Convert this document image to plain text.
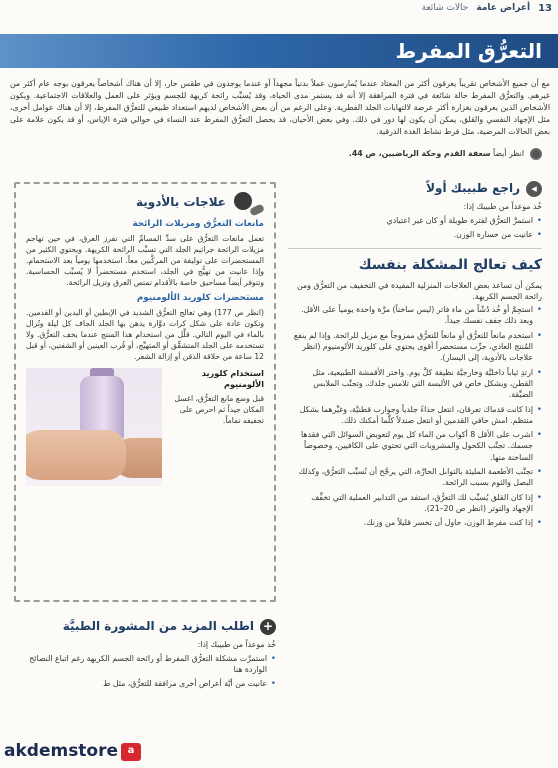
13
أعراض عامة
حالات شائعة
التعرُّق المفرط

مع أن جميع الأشخاص تقريباً يعرقون أكثر من المعتاد عندما يُمارسون عملاً بدنياً مجهداً أو عندما يوجدون في طقس حار، إلا أن هناك أشخاصاً يعرقون بوجه عام أكثر من غيرهم. والتعرُّق المفرط حالة شائعة في فترة المراهقة إلا أنه قد يستمر مدى الحياة، وقد يُسبِّب رائحة كريهة للجسم ويؤثر على العمل والعلاقات الاجتماعية. ويكون الأشخاص الذين يعرقون بغزارة أكثر عرضة لالتهابات الجلد الفطرية. وعلى الرغم من أن بعض الأشخاص لديهم استعداد طبيعي للتعرُّق المفرط، إلا أن هناك عوامل أخرى، مثل الإجهاد النفسي والقلق، يمكن أن يكون لها دور في ذلك. وفي بعض الأحيان، قد يحصل التعرُّق المفرط عند النساء في حوالي فترة الإياس، أو قد يكون علامة على بعض الحالات المرضية، مثل فرط نشاط الغدة الدرقية.

انظر أيضاً سعفة القدم وحكة الرياضيين، ص 44.
◂
راجع طبيبك أولاً

خُذ موعداً من طبيبك إذا:

• استمرَّ التعرُّق لفترة طويلة أو كان غير اعتيادي
• عانيت من خسارة الوزن.
كيف تعالج المشكلة بنفسك

يمكن أن تساعد بعض العلاجات المنزلية المفيدة في التخفيف من التعرُّق ومن رائحة الجسم الكريهة.

• استحِمَّ أو خُذ دُشّاً من ماء فاتر (ليس ساخناً) مرَّة واحدة يومياً على الأقل. وبعد ذلك جفف نفسك جيداً.
• استخدم مانعاً للتعرُّق أو مانعاً للتعرُّق ممزوجاً مع مزيل للرائحة. وإذا لم ينفع المُنتج العادي، جرِّب مستحضراً أقوى يحتوي على كلوريد الألومنيوم (انظر علاجات بالأدوية، إلى اليسار).
• ارتدِ ثياباً داخليَّة وخارجيَّة نظيفة كلَّ يوم. واختر الأقمشة الطبيعية، مثل القطن، وبشكل خاص في الألبسة التي تلامس جلدك. وتجنَّب الملابس الضيِّقة.
• إذا كانت قدماك تعرقان، انتعل حذاءً جلدياً وجوارب قطنيَّة، وغيِّرهما بشكل منتظم. امش حافي القدمين أو انتعل صندلاً كلَّما أمكنك ذلك.
• اشرب على الأقل 8 أكواب من الماء كل يوم لتعويض السوائل التي فقدها جسمك. تجنَّب الكحول والمشروبات التي تحتوي على الكافيين، وخصوصاً الساخنة منها.
• تجنَّب الأطعمة المليئة بالتوابل الحارَّة، التي يرجَّح أن تُسبِّب التعرُّق، وكذلك البصل والثوم بسبب الرائحة.
• إذا كان القلق يُسبِّب لك التعرُّق، استفد من التدابير العملية التي تخفِّف الإجهاد والتوتر (انظر ص 20–21).
• إذا كنت مفرط الوزن، حاول أن تخسر قليلاً من وزنك.
علاجات بالأدوية
مانعات التعرُّق ومزيلات الرائحة

تعمل مانعات التعرُّق على سدِّ المسامِّ التي تفرز العرق، في حين تهاجم مزيلات الرائحة جراثيم الجلد التي تسبِّب الرائحة الكريهة. ويحتوي الكثير من المستحضرات على توليفة من المركَّبين معاً. استخدمها يومياً بعد الاستحمام. وإذا عانيت من تهيُّج في الجلد، استخدم مستحضراً لا يُسبِّب الحساسية. وتتوفر أيضاً مساحيق خاصة بالأقدام تمتص العرق وتزيل الرائحة.

مستحضرات كلوريد الألومنيوم

(انظر ص 177) وهي تعالج التعرُّق الشديد في الإبطين أو اليدين أو القدمين. وتكون عادة على شكل كرات دوَّارة يدهن بها الجلد الجاف كل ليلة وتُزال بالماء في اليوم التالي. قلِّل من استخدام هذا المنتج عندما يخف التعرُّق. ولا تستخدمه على الجلد المتشقِّق أو المتهيِّج، أو قُرب العينين أو الشفتين، أو قبل 12 ساعة من حلاقة الذقن أو إزالة الشعر.

استخدام كلوريد الألومنيوم
قبل وضع مانع التعرُّق، اغسل المكان جيداً ثم احرص على تجفيفه تماماً.
+
اطلب المزيد من المشورة الطبيَّة

خُذ موعداً من طبيبك إذا:

• استمرَّت مشكلة التعرُّق المفرط أو رائحة الجسم الكريهة رغم اتباع النصائح الواردة هنا
• عانيت من أيَّة أعراض أخرى مرافقة للتعرُّق، مثل ط
a
akdemstore
